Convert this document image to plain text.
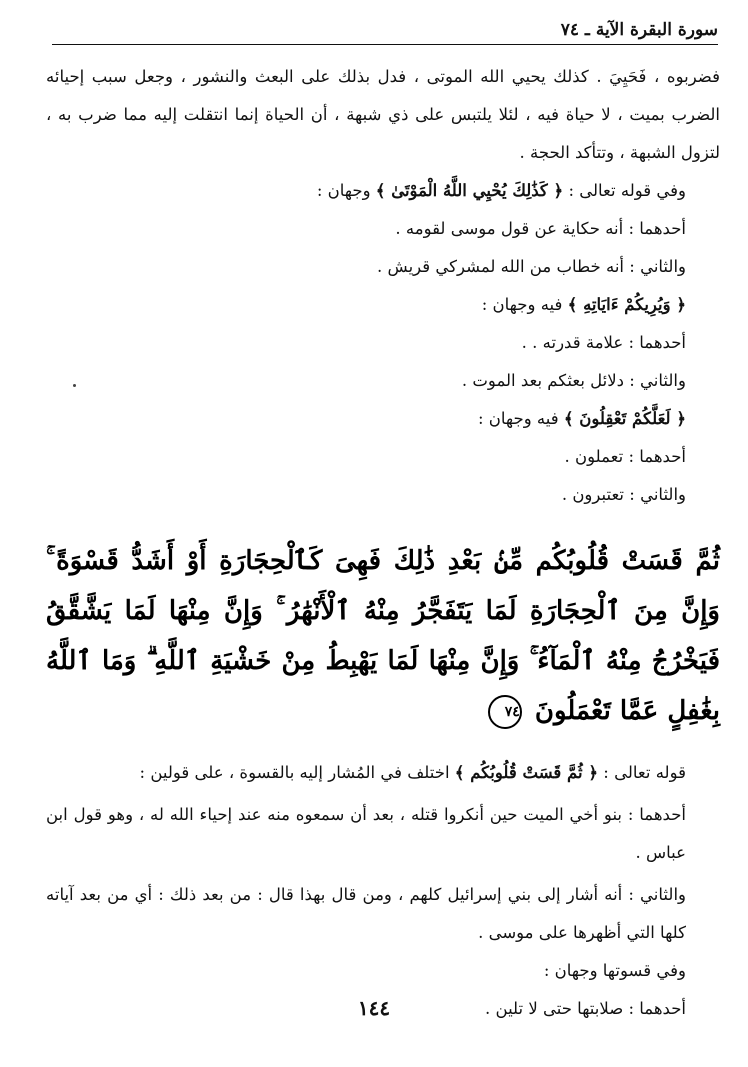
سورة البقرة الآية ـ ٧٤

فضربوه ، فَحَيِيَ . كذلك يحيي الله الموتى ، فدل بذلك على البعث والنشور ، وجعل سبب إحيائه الضرب بميت ، لا حياة فيه ، لئلا يلتبس على ذي شبهة ، أن الحياة إنما انتقلت إليه مما ضرب به ، لتزول الشبهة ، وتتأكد الحجة .

وفي قوله تعالى : ﴿ كَذَٰلِكَ يُحْيِي اللَّهُ الْمَوْتَىٰ ﴾ وجهان :

أحدهما : أنه حكاية عن قول موسى لقومه .

والثاني : أنه خطاب من الله لمشركي قريش .

﴿ وَيُرِيكُمْ ءَايَاتِهِ ﴾ فيه وجهان :

أحدهما : علامة قدرته . .

والثاني : دلائل بعثكم بعد الموت .

﴿ لَعَلَّكُمْ تَعْقِلُونَ ﴾ فيه وجهان :

أحدهما : تعملون .

والثاني : تعتبرون .

ثُمَّ قَسَتْ قُلُوبُكُم مِّنۢ بَعْدِ ذَٰلِكَ فَهِىَ كَٱلْحِجَارَةِ أَوْ أَشَدُّ قَسْوَةً ۚ وَإِنَّ مِنَ ٱلْحِجَارَةِ لَمَا يَتَفَجَّرُ مِنْهُ ٱلْأَنْهَٰرُ ۚ وَإِنَّ مِنْهَا لَمَا يَشَّقَّقُ فَيَخْرُجُ مِنْهُ ٱلْمَآءُ ۚ وَإِنَّ مِنْهَا لَمَا يَهْبِطُ مِنْ خَشْيَةِ ٱللَّهِ ۗ وَمَا ٱللَّهُ بِغَٰفِلٍ عَمَّا تَعْمَلُونَ ٧٤

قوله تعالى : ﴿ ثُمَّ قَسَتْ قُلُوبُكُم ﴾ اختلف في المُشار إليه بالقسوة ، على قولين :

أحدهما : بنو أخي الميت حين أنكروا قتله ، بعد أن سمعوه منه عند إحياء الله له ، وهو قول ابن عباس .

والثاني : أنه أشار إلى بني إسرائيل كلهم ، ومن قال بهذا قال : من بعد ذلك : أي من بعد آياته كلها التي أظهرها على موسى .

وفي قسوتها وجهان :

أحدهما : صلابتها حتى لا تلين .

١٤٤
